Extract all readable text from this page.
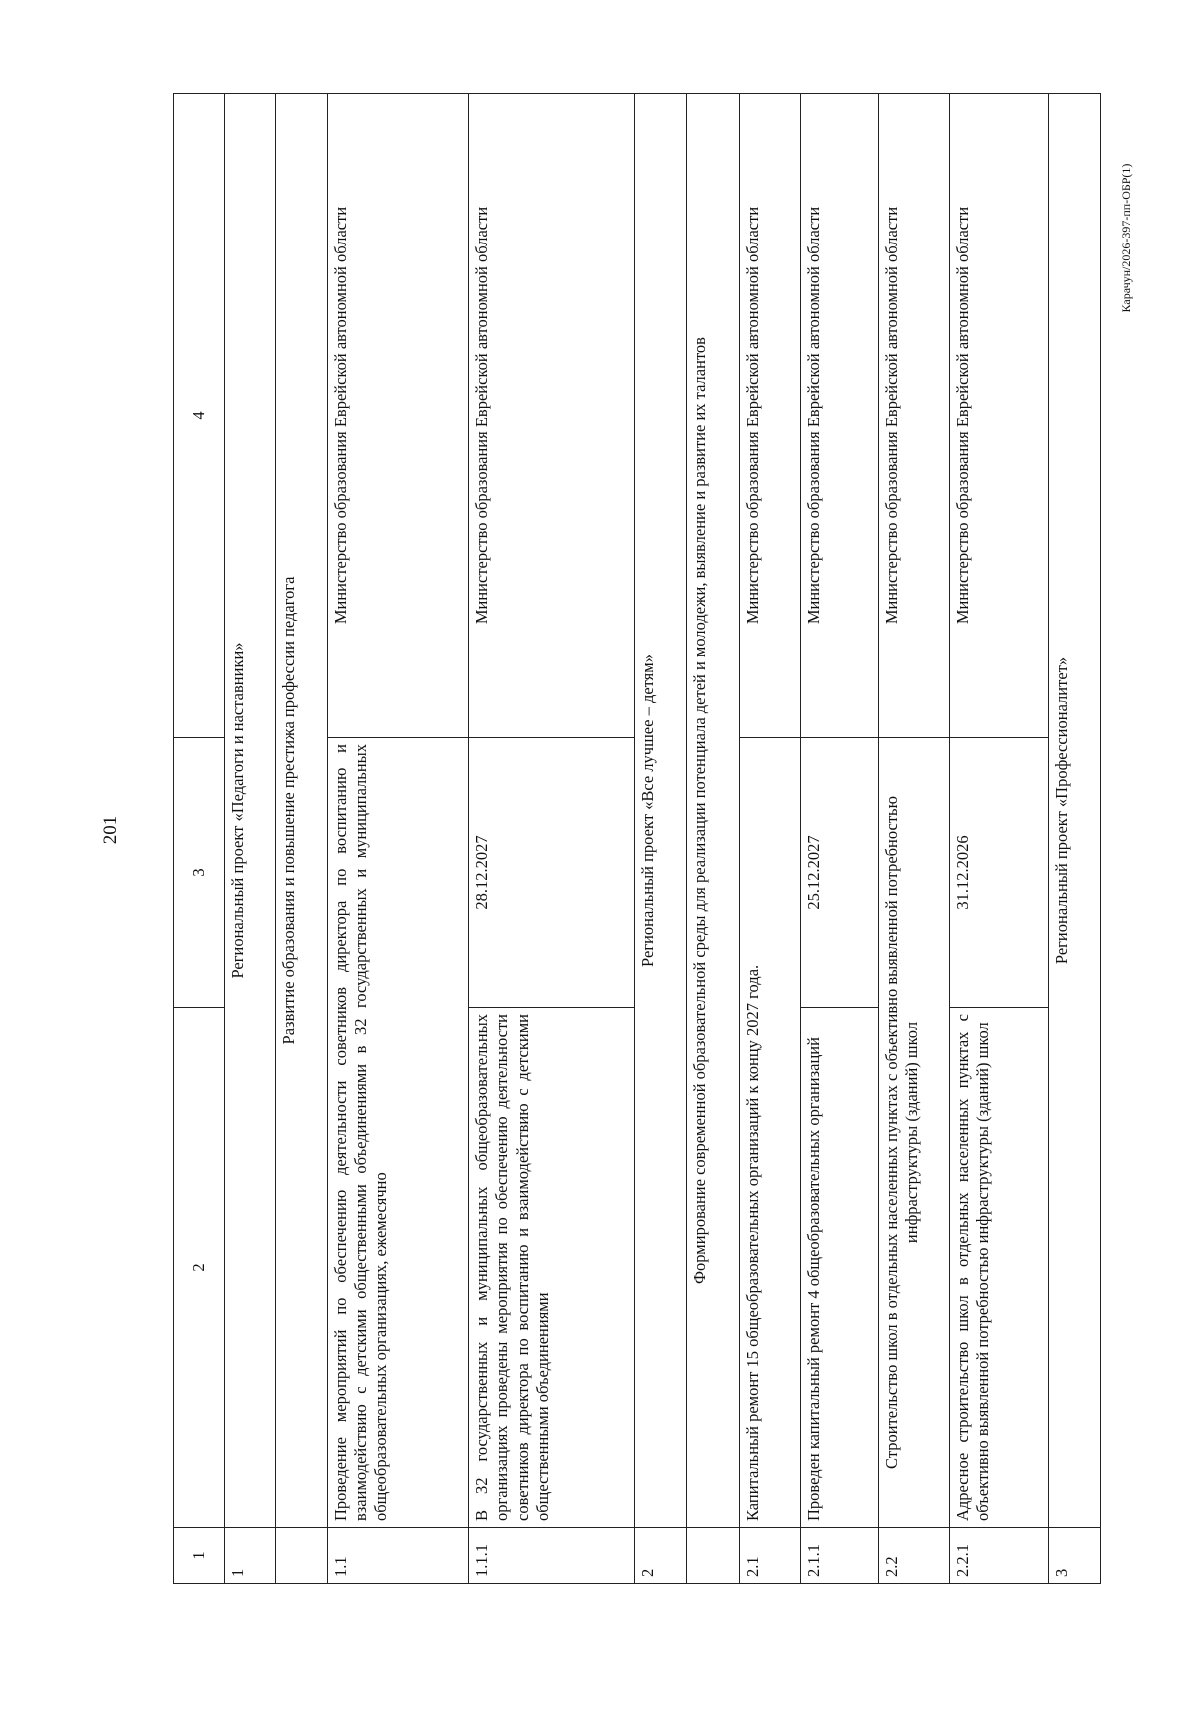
201
Карачун/2026-397-пп-ОБР(1)
1	2	3	4
1	Региональный проект «Педагоги и наставники»		
	Развитие образования и повышение престижа профессии педагога		
1.1	Проведение мероприятий по обеспечению деятельности советников директора по воспитанию и взаимодействию с детскими общественными объединениями в 32 государственных и муниципальных общеобразовательных организациях, ежемесячно		Министерство образования Еврейской автономной области
1.1.1	В 32 государственных и муниципальных общеобразовательных организациях проведены мероприятия по обеспечению деятельности советников директора по воспитанию и взаимодействию с детскими общественными объединениями	28.12.2027	Министерство образования Еврейской автономной области
2	Региональный проект «Все лучшее – детям»		
	Формирование современной образовательной среды для реализации потенциала детей и молодежи, выявление и развитие их талантов		
2.1	Капитальный ремонт 15 общеобразовательных организаций к концу 2027 года.		Министерство образования Еврейской автономной области
2.1.1	Проведен капитальный ремонт 4 общеобразовательных организаций	25.12.2027	Министерство образования Еврейской автономной области
2.2	Строительство школ в отдельных населенных пунктах с объективно выявленной потребностью инфраструктуры (зданий) школ		Министерство образования Еврейской автономной области
2.2.1	Адресное строительство школ в отдельных населенных пунктах с объективно выявленной потребностью инфраструктуры (зданий) школ	31.12.2026	Министерство образования Еврейской автономной области
3	Региональный проект «Профессионалитет»		
